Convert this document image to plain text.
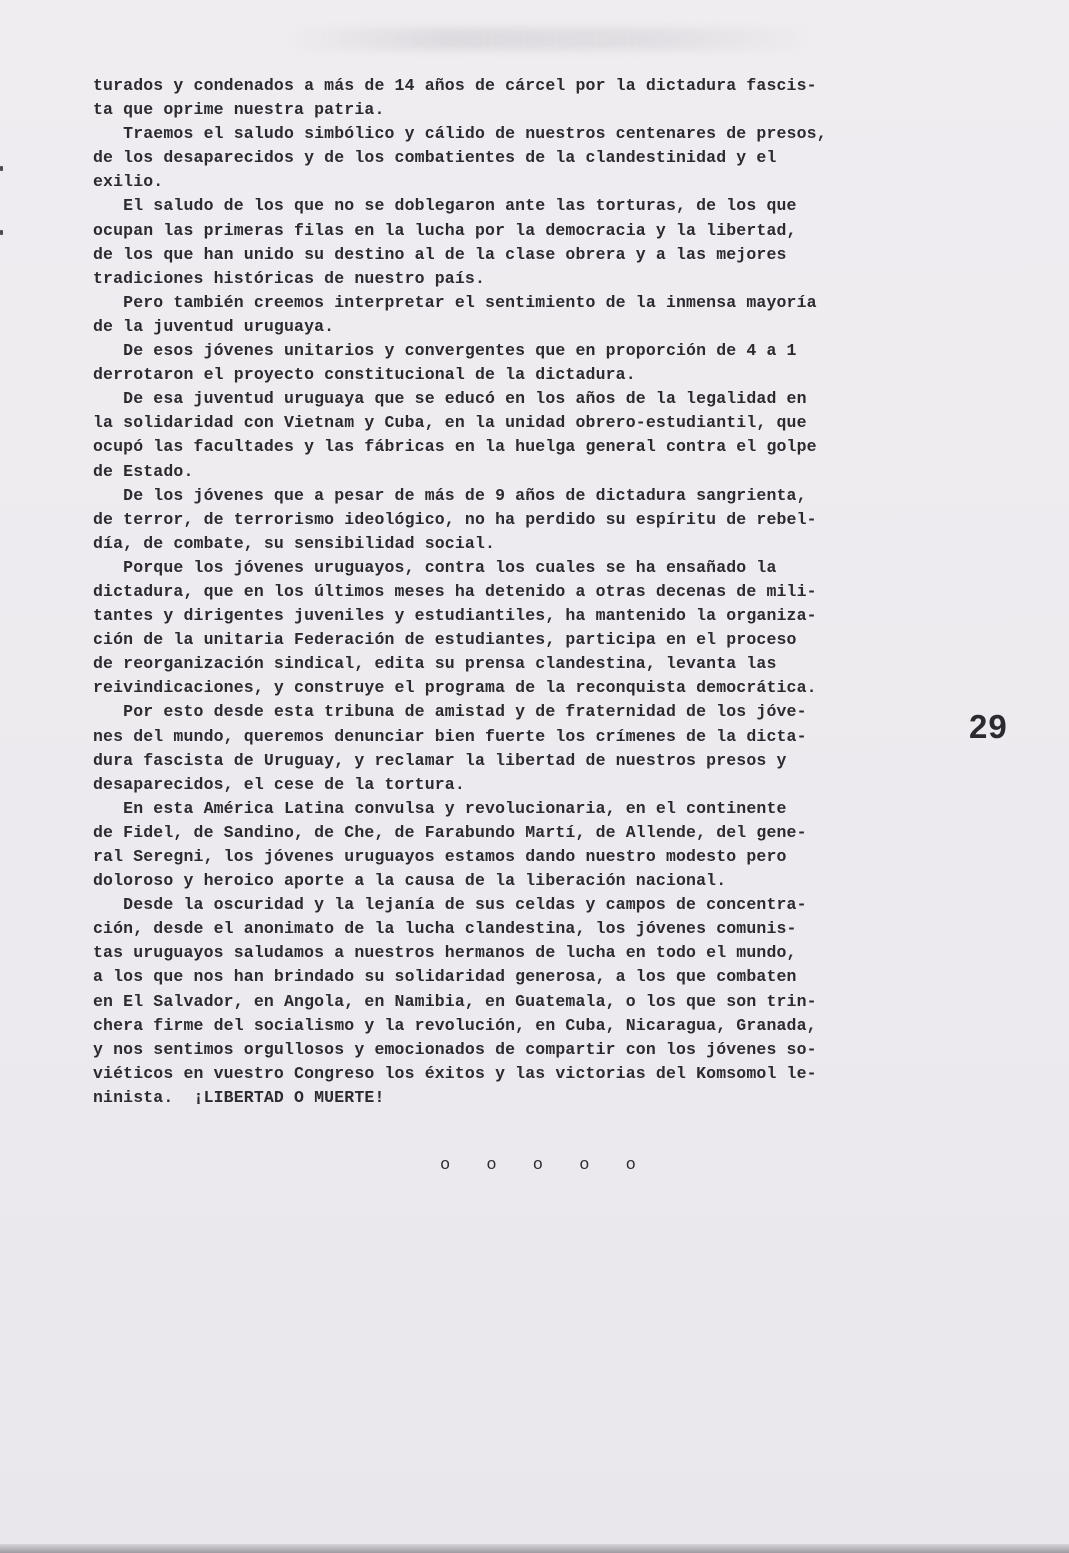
turados y condenados a más de 14 años de cárcel por la dictadura fascis-
ta que oprime nuestra patria.
Traemos el saludo simbólico y cálido de nuestros centenares de presos,
de los desaparecidos y de los combatientes de la clandestinidad y el
exilio.
El saludo de los que no se doblegaron ante las torturas, de los que
ocupan las primeras filas en la lucha por la democracia y la libertad,
de los que han unido su destino al de la clase obrera y a las mejores
tradiciones históricas de nuestro país.
Pero también creemos interpretar el sentimiento de la inmensa mayoría
de la juventud uruguaya.
De esos jóvenes unitarios y convergentes que en proporción de 4 a 1
derrotaron el proyecto constitucional de la dictadura.
De esa juventud uruguaya que se educó en los años de la legalidad en
la solidaridad con Vietnam y Cuba, en la unidad obrero-estudiantil, que
ocupó las facultades y las fábricas en la huelga general contra el golpe
de Estado.
De los jóvenes que a pesar de más de 9 años de dictadura sangrienta,
de terror, de terrorismo ideológico, no ha perdido su espíritu de rebel-
día, de combate, su sensibilidad social.
Porque los jóvenes uruguayos, contra los cuales se ha ensañado la
dictadura, que en los últimos meses ha detenido a otras decenas de mili-
tantes y dirigentes juveniles y estudiantiles, ha mantenido la organiza-
ción de la unitaria Federación de estudiantes, participa en el proceso
de reorganización sindical, edita su prensa clandestina, levanta las
reivindicaciones, y construye el programa de la reconquista democrática.
Por esto desde esta tribuna de amistad y de fraternidad de los jóve-
nes del mundo, queremos denunciar bien fuerte los crímenes de la dicta-
dura fascista de Uruguay, y reclamar la libertad de nuestros presos y
desaparecidos, el cese de la tortura.
En esta América Latina convulsa y revolucionaria, en el continente
de Fidel, de Sandino, de Che, de Farabundo Martí, de Allende, del gene-
ral Seregni, los jóvenes uruguayos estamos dando nuestro modesto pero
doloroso y heroico aporte a la causa de la liberación nacional.
Desde la oscuridad y la lejanía de sus celdas y campos de concentra-
ción, desde el anonimato de la lucha clandestina, los jóvenes comunis-
tas uruguayos saludamos a nuestros hermanos de lucha en todo el mundo,
a los que nos han brindado su solidaridad generosa, a los que combaten
en El Salvador, en Angola, en Namibia, en Guatemala, o los que son trin-
chera firme del socialismo y la revolución, en Cuba, Nicaragua, Granada,
y nos sentimos orgullosos y emocionados de compartir con los jóvenes so-
viéticos en vuestro Congreso los éxitos y las victorias del Komsomol le-
ninista.  ¡LIBERTAD O MUERTE!
29
o o o o o
